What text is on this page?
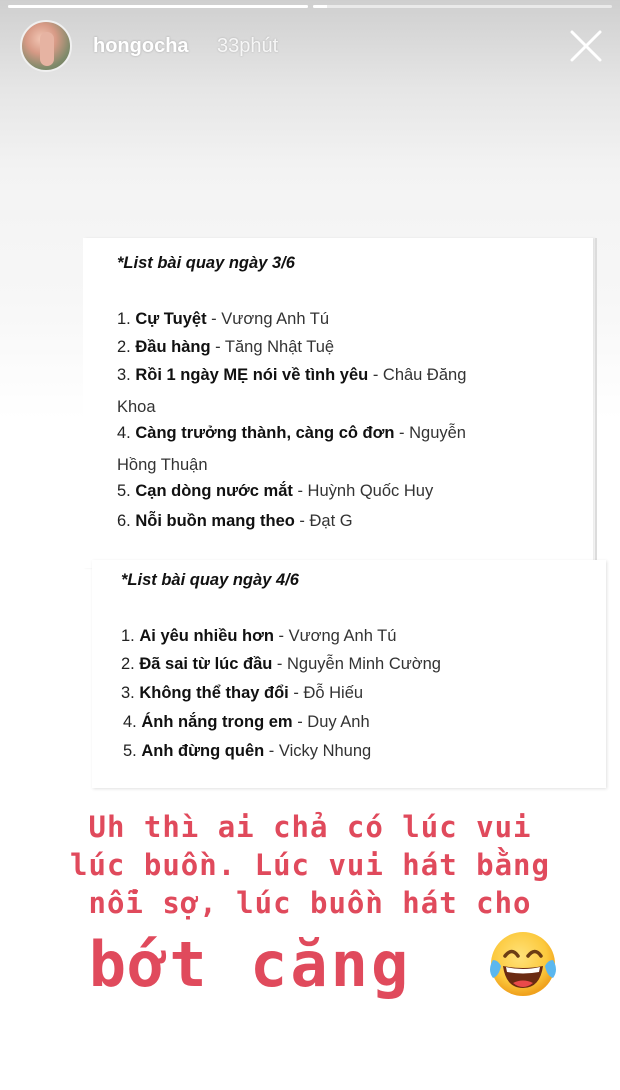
hongocha 33phút
*List bài quay ngày 3/6
1. Cự Tuyệt - Vương Anh Tú
2. Đầu hàng - Tăng Nhật Tuệ
3. Rồi 1 ngày MẸ nói về tình yêu - Châu Đăng
Khoa
4. Càng trưởng thành, càng cô đơn - Nguyễn
Hồng Thuận
5. Cạn dòng nước mắt - Huỳnh Quốc Huy
6. Nỗi buồn mang theo - Đạt G
*List bài quay ngày 4/6
1. Ai yêu nhiều hơn - Vương Anh Tú
2. Đã sai từ lúc đầu - Nguyễn Minh Cường
3. Không thể thay đổi - Đỗ Hiếu
4. Ánh nắng trong em - Duy Anh
5. Anh đừng quên - Vicky Nhung
Uh thì ai chả có lúc vui
lúc buồn. Lúc vui hát bằng
nỗi sợ, lúc buồn hát cho
bớt căng
